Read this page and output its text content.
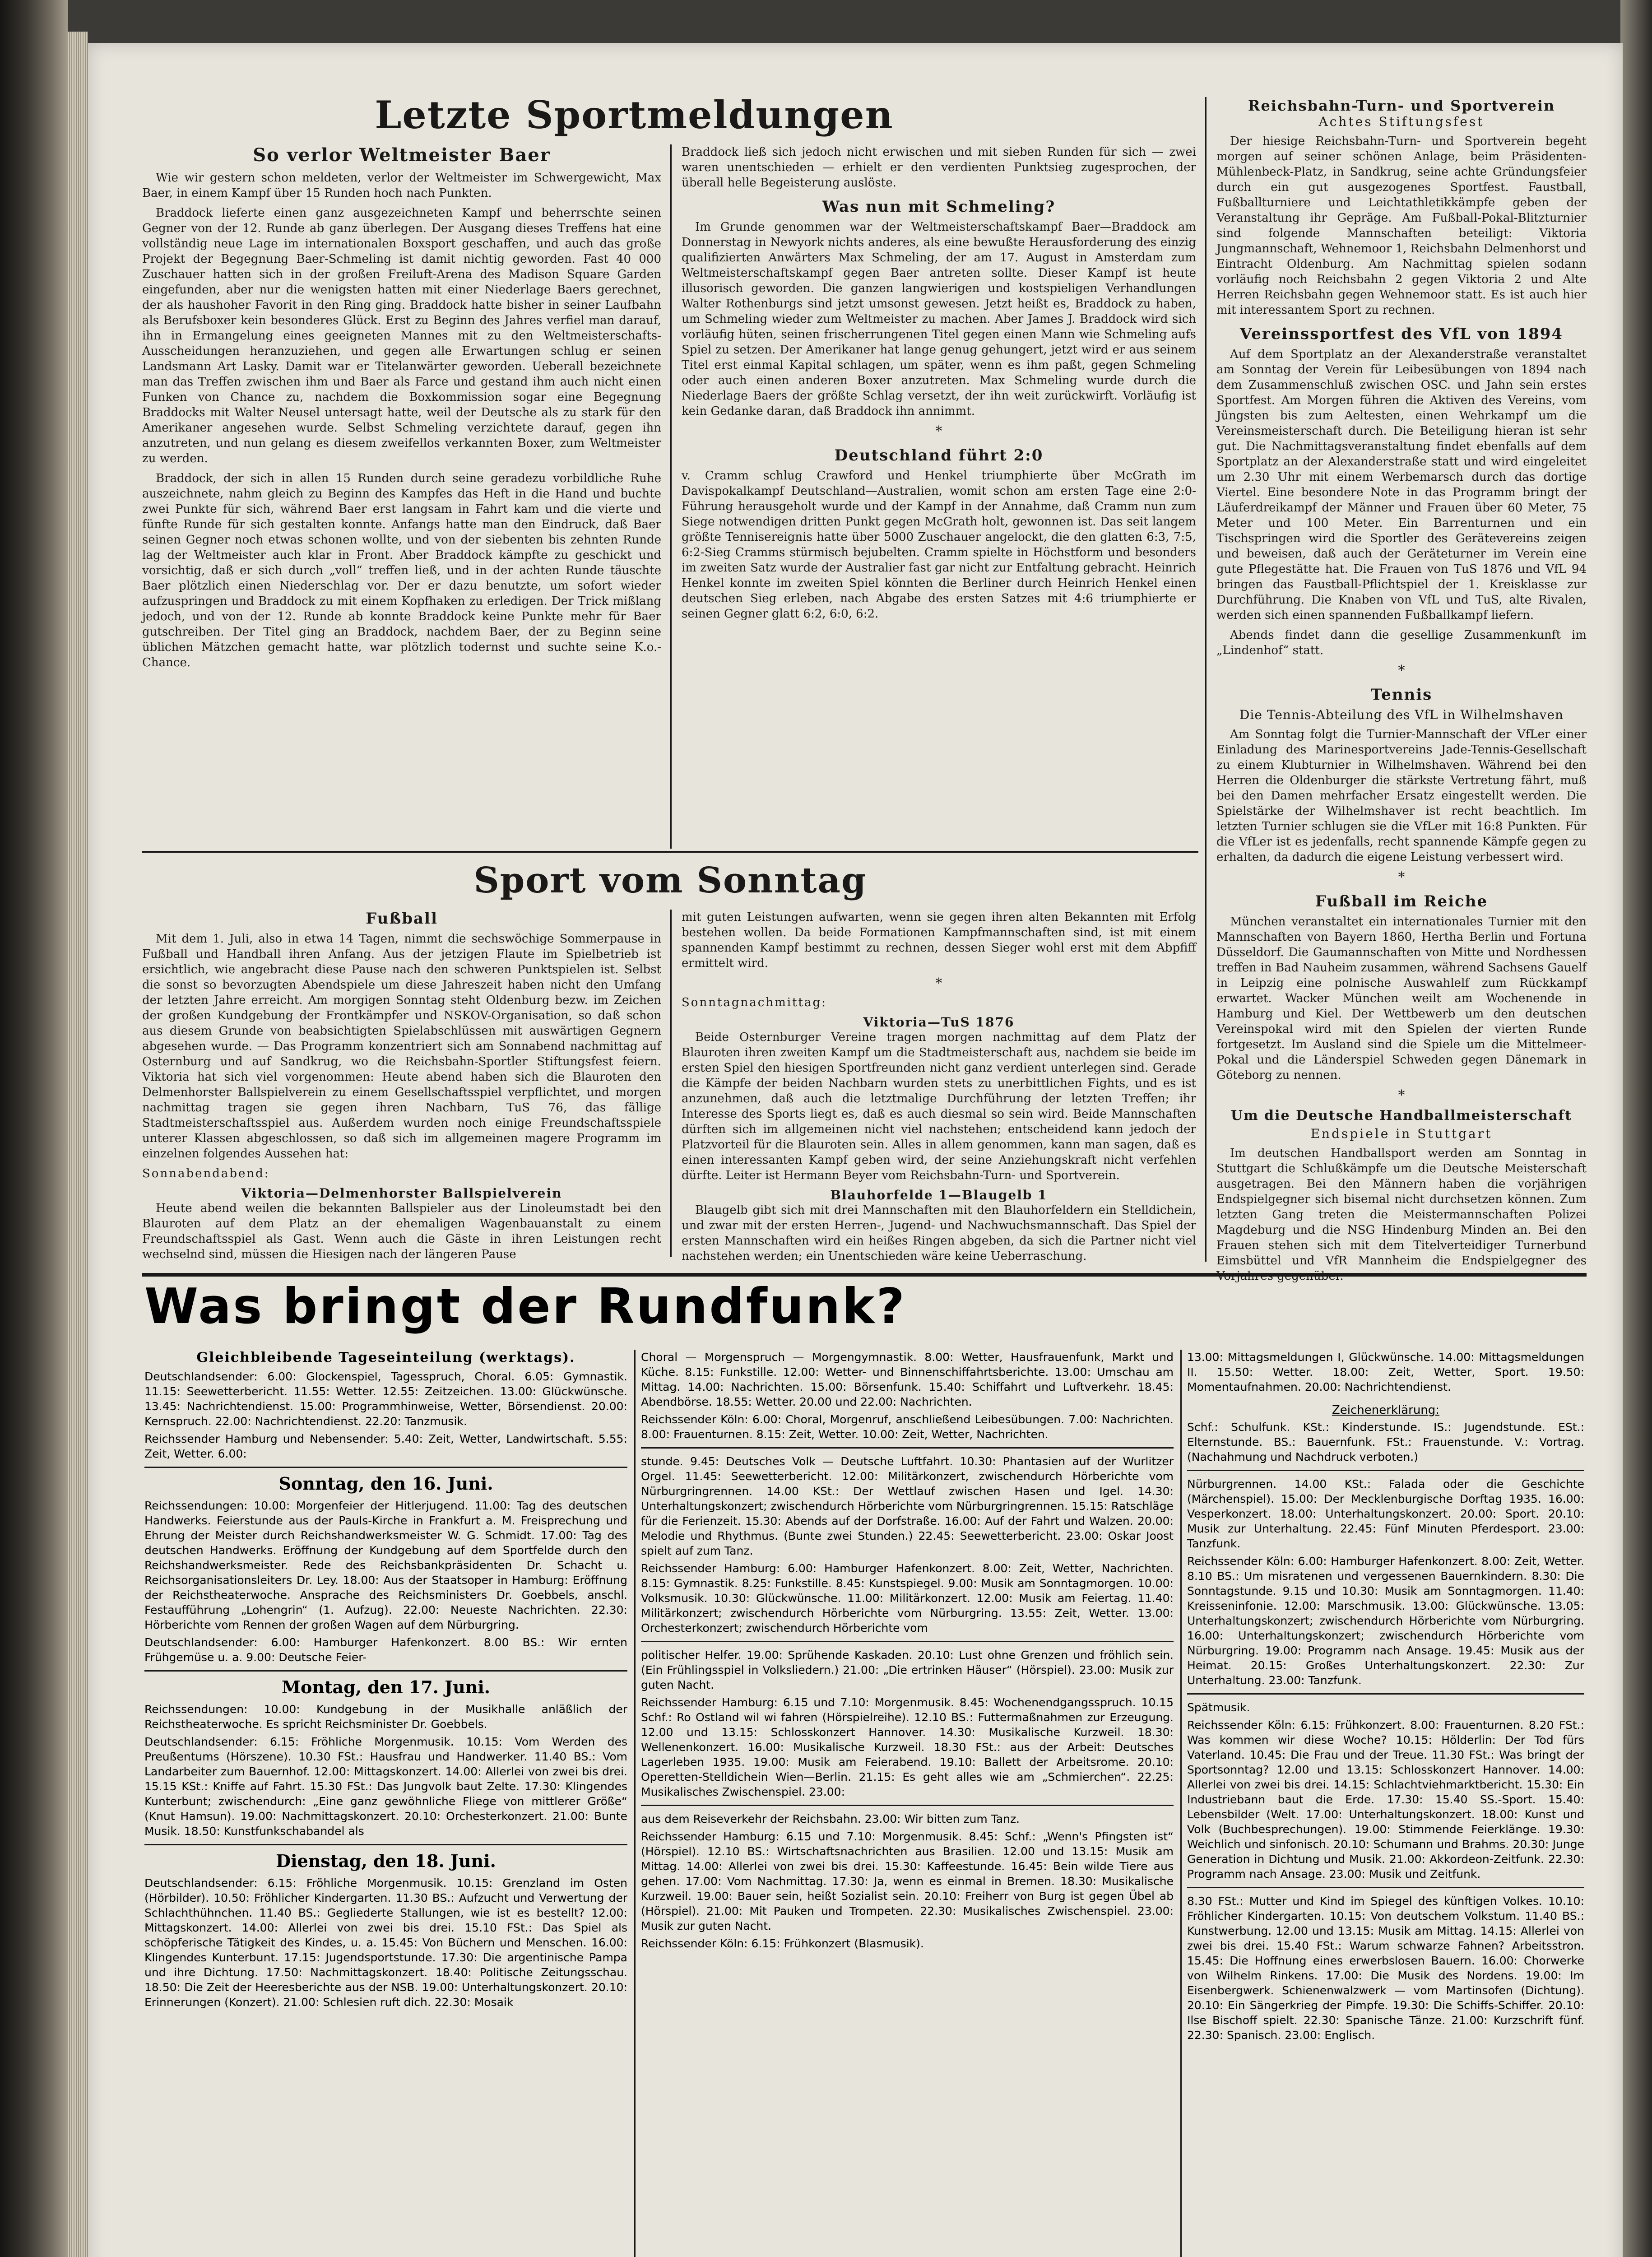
Letzte Sportmeldungen
So verlor Weltmeister Baer

Wie wir gestern schon meldeten, verlor der Weltmeister im Schwergewicht, Max Baer, in einem Kampf über 15 Runden hoch nach Punkten.

Braddock lieferte einen ganz ausgezeichneten Kampf und beherrschte seinen Gegner von der 12. Runde ab ganz überlegen. Der Ausgang dieses Treffens hat eine vollständig neue Lage im internationalen Boxsport geschaffen, und auch das große Projekt der Begegnung Baer-Schmeling ist damit nichtig geworden. Fast 40 000 Zuschauer hatten sich in der großen Freiluft-Arena des Madison Square Garden eingefunden, aber nur die wenigsten hatten mit einer Niederlage Baers gerechnet, der als haushoher Favorit in den Ring ging. Braddock hatte bisher in seiner Laufbahn als Berufsboxer kein besonderes Glück. Erst zu Beginn des Jahres verfiel man darauf, ihn in Ermangelung eines geeigneten Mannes mit zu den Weltmeisterschafts-Ausscheidungen heranzuziehen, und gegen alle Erwartungen schlug er seinen Landsmann Art Lasky. Damit war er Titelanwärter geworden. Ueberall bezeichnete man das Treffen zwischen ihm und Baer als Farce und gestand ihm auch nicht einen Funken von Chance zu, nachdem die Boxkommission sogar eine Begegnung Braddocks mit Walter Neusel untersagt hatte, weil der Deutsche als zu stark für den Amerikaner angesehen wurde. Selbst Schmeling verzichtete darauf, gegen ihn anzutreten, und nun gelang es diesem zweifellos verkannten Boxer, zum Weltmeister zu werden.

Braddock, der sich in allen 15 Runden durch seine geradezu vorbildliche Ruhe auszeichnete, nahm gleich zu Beginn des Kampfes das Heft in die Hand und buchte zwei Punkte für sich, während Baer erst langsam in Fahrt kam und die vierte und fünfte Runde für sich gestalten konnte. Anfangs hatte man den Eindruck, daß Baer seinen Gegner noch etwas schonen wollte, und von der siebenten bis zehnten Runde lag der Weltmeister auch klar in Front. Aber Braddock kämpfte zu geschickt und vorsichtig, daß er sich durch „voll“ treffen ließ, und in der achten Runde täuschte Baer plötzlich einen Niederschlag vor. Der er dazu benutzte, um sofort wieder aufzuspringen und Braddock zu mit einem Kopfhaken zu erledigen. Der Trick mißlang jedoch, und von der 12. Runde ab konnte Braddock keine Punkte mehr für Baer gutschreiben. Der Titel ging an Braddock, nachdem Baer, der zu Beginn seine üblichen Mätzchen gemacht hatte, war plötzlich todernst und suchte seine K.o.-Chance.

Braddock ließ sich jedoch nicht erwischen und mit sieben Runden für sich — zwei waren unentschieden — erhielt er den verdienten Punktsieg zugesprochen, der überall helle Begeisterung auslöste.

Was nun mit Schmeling?

Im Grunde genommen war der Weltmeisterschaftskampf Baer—Braddock am Donnerstag in Newyork nichts anderes, als eine bewußte Herausforderung des einzig qualifizierten Anwärters Max Schmeling, der am 17. August in Amsterdam zum Weltmeisterschaftskampf gegen Baer antreten sollte. Dieser Kampf ist heute illusorisch geworden. Die ganzen langwierigen und kostspieligen Verhandlungen Walter Rothenburgs sind jetzt umsonst gewesen. Jetzt heißt es, Braddock zu haben, um Schmeling wieder zum Weltmeister zu machen. Aber James J. Braddock wird sich vorläufig hüten, seinen frischerrungenen Titel gegen einen Mann wie Schmeling aufs Spiel zu setzen. Der Amerikaner hat lange genug gehungert, jetzt wird er aus seinem Titel erst einmal Kapital schlagen, um später, wenn es ihm paßt, gegen Schmeling oder auch einen anderen Boxer anzutreten. Max Schmeling wurde durch die Niederlage Baers der größte Schlag versetzt, der ihn weit zurückwirft. Vorläufig ist kein Gedanke daran, daß Braddock ihn annimmt.

*
Deutschland führt 2:0

v. Cramm schlug Crawford und Henkel triumphierte über McGrath im Davispokalkampf Deutschland—Australien, womit schon am ersten Tage eine 2:0-Führung herausgeholt wurde und der Kampf in der Annahme, daß Cramm nun zum Siege notwendigen dritten Punkt gegen McGrath holt, gewonnen ist. Das seit langem größte Tennisereignis hatte über 5000 Zuschauer angelockt, die den glatten 6:3, 7:5, 6:2-Sieg Cramms stürmisch bejubelten. Cramm spielte in Höchstform und besonders im zweiten Satz wurde der Australier fast gar nicht zur Entfaltung gebracht. Heinrich Henkel konnte im zweiten Spiel könnten die Berliner durch Heinrich Henkel einen deutschen Sieg erleben, nach Abgabe des ersten Satzes mit 4:6 triumphierte er seinen Gegner glatt 6:2, 6:0, 6:2.

Reichsbahn-Turn- und Sportverein
Achtes Stiftungsfest

Der hiesige Reichsbahn-Turn- und Sportverein begeht morgen auf seiner schönen Anlage, beim Präsidenten-Mühlenbeck-Platz, in Sandkrug, seine achte Gründungsfeier durch ein gut ausgezogenes Sportfest. Faustball, Fußballturniere und Leichtathletikkämpfe geben der Veranstaltung ihr Gepräge. Am Fußball-Pokal-Blitzturnier sind folgende Mannschaften beteiligt: Viktoria Jungmannschaft, Wehnemoor 1, Reichsbahn Delmenhorst und Eintracht Oldenburg. Am Nachmittag spielen sodann vorläufig noch Reichsbahn 2 gegen Viktoria 2 und Alte Herren Reichsbahn gegen Wehnemoor statt. Es ist auch hier mit interessantem Sport zu rechnen.

Vereinssportfest des VfL von 1894

Auf dem Sportplatz an der Alexanderstraße veranstaltet am Sonntag der Verein für Leibesübungen von 1894 nach dem Zusammenschluß zwischen OSC. und Jahn sein erstes Sportfest. Am Morgen führen die Aktiven des Vereins, vom Jüngsten bis zum Aeltesten, einen Wehrkampf um die Vereinsmeisterschaft durch. Die Beteiligung hieran ist sehr gut. Die Nachmittagsveranstaltung findet ebenfalls auf dem Sportplatz an der Alexanderstraße statt und wird eingeleitet um 2.30 Uhr mit einem Werbemarsch durch das dortige Viertel. Eine besondere Note in das Programm bringt der Läuferdreikampf der Männer und Frauen über 60 Meter, 75 Meter und 100 Meter. Ein Barrenturnen und ein Tischspringen wird die Sportler des Gerätevereins zeigen und beweisen, daß auch der Geräteturner im Verein eine gute Pflegestätte hat. Die Frauen von TuS 1876 und VfL 94 bringen das Faustball-Pflichtspiel der 1. Kreisklasse zur Durchführung. Die Knaben von VfL und TuS, alte Rivalen, werden sich einen spannenden Fußballkampf liefern.

Abends findet dann die gesellige Zusammenkunft im „Lindenhof“ statt.

*
Tennis
Die Tennis-Abteilung des VfL in Wilhelmshaven

Am Sonntag folgt die Turnier-Mannschaft der VfLer einer Einladung des Marinesportvereins Jade-Tennis-Gesellschaft zu einem Klubturnier in Wilhelmshaven. Während bei den Herren die Oldenburger die stärkste Vertretung fährt, muß bei den Damen mehrfacher Ersatz eingestellt werden. Die Spielstärke der Wilhelmshaver ist recht beachtlich. Im letzten Turnier schlugen sie die VfLer mit 16:8 Punkten. Für die VfLer ist es jedenfalls, recht spannende Kämpfe gegen zu erhalten, da dadurch die eigene Leistung verbessert wird.

*
Fußball im Reiche

München veranstaltet ein internationales Turnier mit den Mannschaften von Bayern 1860, Hertha Berlin und Fortuna Düsseldorf. Die Gaumannschaften von Mitte und Nordhessen treffen in Bad Nauheim zusammen, während Sachsens Gauelf in Leipzig eine polnische Auswahlelf zum Rückkampf erwartet. Wacker München weilt am Wochenende in Hamburg und Kiel. Der Wettbewerb um den deutschen Vereinspokal wird mit den Spielen der vierten Runde fortgesetzt. Im Ausland sind die Spiele um die Mittelmeer-Pokal und die Länderspiel Schweden gegen Dänemark in Göteborg zu nennen.

*
Um die Deutsche Handballmeisterschaft
Endspiele in Stuttgart

Im deutschen Handballsport werden am Sonntag in Stuttgart die Schlußkämpfe um die Deutsche Meisterschaft ausgetragen. Bei den Männern haben die vorjährigen Endspielgegner sich bisemal nicht durchsetzen können. Zum letzten Gang treten die Meistermannschaften Polizei Magdeburg und die NSG Hindenburg Minden an. Bei den Frauen stehen sich mit dem Titelverteidiger Turnerbund Eimsbüttel und VfR Mannheim die Endspielgegner des

Sport vom Sonntag
Fußball

Mit dem 1. Juli, also in etwa 14 Tagen, nimmt die sechswöchige Sommerpause in Fußball und Handball ihren Anfang. Aus der jetzigen Flaute im Spielbetrieb ist ersichtlich, wie angebracht diese Pause nach den schweren Punktspielen ist. Selbst die sonst so bevorzugten Abendspiele um diese Jahreszeit haben nicht den Umfang der letzten Jahre erreicht. Am morgigen Sonntag steht Oldenburg bezw. im Zeichen der großen Kundgebung der Frontkämpfer und NSKOV-Organisation, so daß schon aus diesem Grunde von beabsichtigten Spielabschlüssen mit auswärtigen Gegnern abgesehen wurde. — Das Programm konzentriert sich am Sonnabend nachmittag auf Osternburg und auf Sandkrug, wo die Reichsbahn-Sportler Stiftungsfest feiern. Viktoria hat sich viel vorgenommen: Heute abend haben sich die Blauroten den Delmenhorster Ballspielverein zu einem Gesellschaftsspiel verpflichtet, und morgen nachmittag tragen sie gegen ihren Nachbarn, TuS 76, das fällige Stadtmeisterschaftsspiel aus. Außerdem wurden noch einige Freundschaftsspiele unterer Klassen abgeschlossen, so daß sich im allgemeinen magere Programm im einzelnen folgendes Aussehen hat:

Sonnabendabend:

Viktoria—Delmenhorster Ballspielverein

Heute abend weilen die bekannten Ballspieler aus der Linoleumstadt bei den Blauroten auf dem Platz an der ehemaligen Wagenbauanstalt zu einem Freundschaftsspiel als Gast. Wenn auch die Gäste in ihren Leistungen recht wechselnd sind, müssen die Hiesigen nach der längeren Pause

mit guten Leistungen aufwarten, wenn sie gegen ihren alten Bekannten mit Erfolg bestehen wollen. Da beide Formationen Kampfmannschaften sind, ist mit einem spannenden Kampf bestimmt zu rechnen, dessen Sieger wohl erst mit dem Abpfiff ermittelt wird.

*

Sonntagnachmittag:

Viktoria—TuS 1876

Beide Osternburger Vereine tragen morgen nachmittag auf dem Platz der Blauroten ihren zweiten Kampf um die Stadtmeisterschaft aus, nachdem sie beide im ersten Spiel den hiesigen Sportfreunden nicht ganz verdient unterlegen sind. Gerade die Kämpfe der beiden Nachbarn wurden stets zu unerbittlichen Fights, und es ist anzunehmen, daß auch die letztmalige Durchführung der letzten Treffen; ihr Interesse des Sports liegt es, daß es auch diesmal so sein wird. Beide Mannschaften dürften sich im allgemeinen nicht viel nachstehen; entscheidend kann jedoch der Platzvorteil für die Blauroten sein. Alles in allem genommen, kann man sagen, daß es einen interessanten Kampf geben wird, der seine Anziehungskraft nicht verfehlen dürfte. Leiter ist Hermann Beyer vom Reichsbahn-Turn- und Sportverein.

Blauhorfelde 1—Blaugelb 1

Blaugelb gibt sich mit drei Mannschaften mit den Blauhorfeldern ein Stelldichein, und zwar mit der ersten Herren-, Jugend- und Nachwuchsmannschaft. Das Spiel der ersten Mannschaften wird ein heißes Ringen abgeben, da sich die Partner nicht viel nachstehen werden; ein Unentschieden wäre keine Ueberraschung.

Was bringt der Rundfunk?
Gleichbleibende Tageseinteilung (werktags).

Deutschlandsender: 6.00: Glockenspiel, Tagesspruch, Choral. 6.05: Gymnastik. 11.15: Seewetterbericht. 11.55: Wetter. 12.55: Zeitzeichen. 13.00: Glückwünsche. 13.45: Nachrichtendienst. 15.00: Programmhinweise, Wetter, Börsendienst. 20.00: Kernspruch. 22.00: Nachrichtendienst. 22.20: Tanzmusik.

Reichssender Hamburg und Nebensender: 5.40: Zeit, Wetter, Landwirtschaft. 5.55: Zeit, Wetter. 6.00:

Sonntag, den 16. Juni.

Reichssendungen: 10.00: Morgenfeier der Hitlerjugend. 11.00: Tag des deutschen Handwerks. Feierstunde aus der Pauls-Kirche in Frankfurt a. M. Freisprechung und Ehrung der Meister durch Reichshandwerksmeister W. G. Schmidt. 17.00: Tag des deutschen Handwerks. Eröffnung der Kundgebung auf dem Sportfelde durch den Reichshandwerksmeister. Rede des Reichsbankpräsidenten Dr. Schacht u. Reichsorganisationsleiters Dr. Ley. 18.00: Aus der Staatsoper in Hamburg: Eröffnung der Reichstheaterwoche. Ansprache des Reichsministers Dr. Goebbels, anschl. Festaufführung „Lohengrin“ (1. Aufzug). 22.00: Neueste Nachrichten. 22.30: Hörberichte vom Rennen der großen Wagen auf dem Nürburgring.

Deutschlandsender: 6.00: Hamburger Hafenkonzert. 8.00 BS.: Wir ernten Frühgemüse u. a. 9.00: Deutsche Feier-

Montag, den 17. Juni.

Reichssendungen: 10.00: Kundgebung in der Musikhalle anläßlich der Reichstheaterwoche. Es spricht Reichsminister Dr. Goebbels.

Deutschlandsender: 6.15: Fröhliche Morgenmusik. 10.15: Vom Werden des Preußentums (Hörszene). 10.30 FSt.: Hausfrau und Handwerker. 11.40 BS.: Vom Landarbeiter zum Bauernhof. 12.00: Mittagskonzert. 14.00: Allerlei von zwei bis drei. 15.15 KSt.: Kniffe auf Fahrt. 15.30 FSt.: Das Jungvolk baut Zelte. 17.30: Klingendes Kunterbunt; zwischendurch: „Eine ganz gewöhnliche Fliege von mittlerer Größe“ (Knut Hamsun). 19.00: Nachmittagskonzert. 20.10: Orchesterkonzert. 21.00: Bunte Musik. 18.50: Kunstfunkschabandel als

Dienstag, den 18. Juni.

Deutschlandsender: 6.15: Fröhliche Morgenmusik. 10.15: Grenzland im Osten (Hörbilder). 10.50: Fröhlicher Kindergarten. 11.30 BS.: Aufzucht und Verwertung der Schlachthühnchen. 11.40 BS.: Gegliederte Stallungen, wie ist es bestellt? 12.00: Mittagskonzert. 14.00: Allerlei von zwei bis drei. 15.10 FSt.: Das Spiel als schöpferische Tätigkeit des Kindes, u. a. 15.45: Von Büchern und Menschen. 16.00: Klingendes Kunterbunt. 17.15: Jugendsportstunde. 17.30: Die argentinische Pampa und ihre Dichtung. 17.50: Nachmittagskonzert. 18.40: Politische Zeitungsschau. 18.50: Die Zeit der Heeresberichte aus der NSB. 19.00: Unterhaltungskonzert. 20.10: Erinnerungen (Konzert). 21.00: Schlesien ruft dich. 22.30: Mosaik

Choral — Morgenspruch — Morgengymnastik. 8.00: Wetter, Hausfrauenfunk, Markt und Küche. 8.15: Funkstille. 12.00: Wetter- und Binnenschiffahrtsberichte. 13.00: Umschau am Mittag. 14.00: Nachrichten. 15.00: Börsenfunk. 15.40: Schiffahrt und Luftverkehr. 18.45: Abendbörse. 18.55: Wetter. 20.00 und 22.00: Nachrichten.

Reichssender Köln: 6.00: Choral, Morgenruf, anschließend Leibesübungen. 7.00: Nachrichten. 8.00: Frauenturnen. 8.15: Zeit, Wetter. 10.00: Zeit, Wetter, Nachrichten.

stunde. 9.45: Deutsches Volk — Deutsche Luftfahrt. 10.30: Phantasien auf der Wurlitzer Orgel. 11.45: Seewetterbericht. 12.00: Militärkonzert, zwischendurch Hörberichte vom Nürburgringrennen. 14.00 KSt.: Der Wettlauf zwischen Hasen und Igel. 14.30: Unterhaltungskonzert; zwischendurch Hörberichte vom Nürburgringrennen. 15.15: Ratschläge für die Ferienzeit. 15.30: Abends auf der Dorfstraße. 16.00: Auf der Fahrt und Walzen. 20.00: Melodie und Rhythmus. (Bunte zwei Stunden.) 22.45: Seewetterbericht. 23.00: Oskar Joost spielt auf zum Tanz.

Reichssender Hamburg: 6.00: Hamburger Hafenkonzert. 8.00: Zeit, Wetter, Nachrichten. 8.15: Gymnastik. 8.25: Funkstille. 8.45: Kunstspiegel. 9.00: Musik am Sonntagmorgen. 10.00: Volksmusik. 10.30: Glückwünsche. 11.00: Militärkonzert. 12.00: Musik am Feiertag. 11.40: Militärkonzert; zwischendurch Hörberichte vom Nürburgring. 13.55: Zeit, Wetter. 13.00: Orchesterkonzert; zwischendurch Hörberichte vom

politischer Helfer. 19.00: Sprühende Kaskaden. 20.10: Lust ohne Grenzen und fröhlich sein. (Ein Frühlingsspiel in Volksliedern.) 21.00: „Die ertrinken Häuser“ (Hörspiel). 23.00: Musik zur guten Nacht.

Reichssender Hamburg: 6.15 und 7.10: Morgenmusik. 8.45: Wochenendgangsspruch. 10.15 Schf.: Ro Ostland wil wi fahren (Hörspielreihe). 12.10 BS.: Futtermaßnahmen zur Erzeugung. 12.00 und 13.15: Schlosskonzert Hannover. 14.30: Musikalische Kurzweil. 18.30: Wellenenkonzert. 16.00: Musikalische Kurzweil. 18.30 FSt.: aus der Arbeit: Deutsches Lagerleben 1935. 19.00: Musik am Feierabend. 19.10: Ballett der Arbeitsrome. 20.10: Operetten-Stelldichein Wien—Berlin. 21.15: Es geht alles wie am „Schmierchen“. 22.25: Musikalisches Zwischenspiel. 23.00:

aus dem Reiseverkehr der Reichsbahn. 23.00: Wir bitten zum Tanz.

Reichssender Hamburg: 6.15 und 7.10: Morgenmusik. 8.45: Schf.: „Wenn's Pfingsten ist“ (Hörspiel). 12.10 BS.: Wirtschaftsnachrichten aus Brasilien. 12.00 und 13.15: Musik am Mittag. 14.00: Allerlei von zwei bis drei. 15.30: Kaffeestunde. 16.45: Bein wilde Tiere aus gehen. 17.00: Vom Nachmittag. 17.30: Ja, wenn es einmal in Bremen. 18.30: Musikalische Kurzweil. 19.00: Bauer sein, heißt Sozialist sein. 20.10: Freiherr von Burg ist gegen Übel ab (Hörspiel). 21.00: Mit Pauken und Trompeten. 22.30: Musikalisches Zwischenspiel. 23.00: Musik zur guten Nacht.

Reichssender Köln: 6.15: Frühkonzert (Blasmusik).

13.00: Mittagsmeldungen I, Glückwünsche. 14.00: Mittagsmeldungen II. 15.50: Wetter. 18.00: Zeit, Wetter, Sport. 19.50: Momentaufnahmen. 20.00: Nachrichtendienst.

Zeichenerklärung:

Schf.: Schulfunk. KSt.: Kinderstunde. IS.: Jugendstunde. ESt.: Elternstunde. BS.: Bauernfunk. FSt.: Frauenstunde. V.: Vortrag. (Nachahmung und Nachdruck verboten.)

Nürburgrennen. 14.00 KSt.: Falada oder die Geschichte (Märchenspiel). 15.00: Der Mecklenburgische Dorftag 1935. 16.00: Vesperkonzert. 18.00: Unterhaltungskonzert. 20.00: Sport. 20.10: Musik zur Unterhaltung. 22.45: Fünf Minuten Pferdesport. 23.00: Tanzfunk.

Reichssender Köln: 6.00: Hamburger Hafenkonzert. 8.00: Zeit, Wetter. 8.10 BS.: Um misratenen und vergessenen Bauernkindern. 8.30: Die Sonntagstunde. 9.15 und 10.30: Musik am Sonntagmorgen. 11.40: Kreisseninfonie. 12.00: Marschmusik. 13.00: Glückwünsche. 13.05: Unterhaltungskonzert; zwischendurch Hörberichte vom Nürburgring. 16.00: Unterhaltungskonzert; zwischendurch Hörberichte vom Nürburgring. 19.00: Programm nach Ansage. 19.45: Musik aus der Heimat. 20.15: Großes Unterhaltungskonzert. 22.30: Zur Unterhaltung. 23.00: Tanzfunk.

Spätmusik.

Reichssender Köln: 6.15: Frühkonzert. 8.00: Frauenturnen. 8.20 FSt.: Was kommen wir diese Woche? 10.15: Hölderlin: Der Tod fürs Vaterland. 10.45: Die Frau und der Treue. 11.30 FSt.: Was bringt der Sportsonntag? 12.00 und 13.15: Schlosskonzert Hannover. 14.00: Allerlei von zwei bis drei. 14.15: Schlachtviehmarktbericht. 15.30: Ein Industriebann baut die Erde. 17.30: 15.40 SS.-Sport. 15.40: Lebensbilder (Welt. 17.00: Unterhaltungskonzert. 18.00: Kunst und Volk (Buchbesprechungen). 19.00: Stimmende Feierklänge. 19.30: Weichlich und sinfonisch. 20.10: Schumann und Brahms. 20.30: Junge Generation in Dichtung und Musik. 21.00: Akkordeon-Zeitfunk. 22.30: Programm nach Ansage. 23.00: Musik und Zeitfunk.

8.30 FSt.: Mutter und Kind im Spiegel des künftigen Volkes. 10.10: Fröhlicher Kindergarten. 10.15: Von deutschem Volkstum. 11.40 BS.: Kunstwerbung. 12.00 und 13.15: Musik am Mittag. 14.15: Allerlei von zwei bis drei. 15.40 FSt.: Warum schwarze Fahnen? Arbeitsstron. 15.45: Die Hoffnung eines erwerbslosen Bauern. 16.00: Chorwerke von Wilhelm Rinkens. 17.00: Die Musik des Nordens. 19.00: Im Eisenbergwerk. Schienenwalzwerk — vom Martinsofen (Dichtung). 20.10: Ein Sängerkrieg der Pimpfe. 19.30: Die Schiffs-Schiffer. 20.10: Ilse Bischoff spielt. 22.30: Spanische Tänze. 21.00: Kurzschrift fünf. 22.30: Spanisch. 23.00: Englisch.
